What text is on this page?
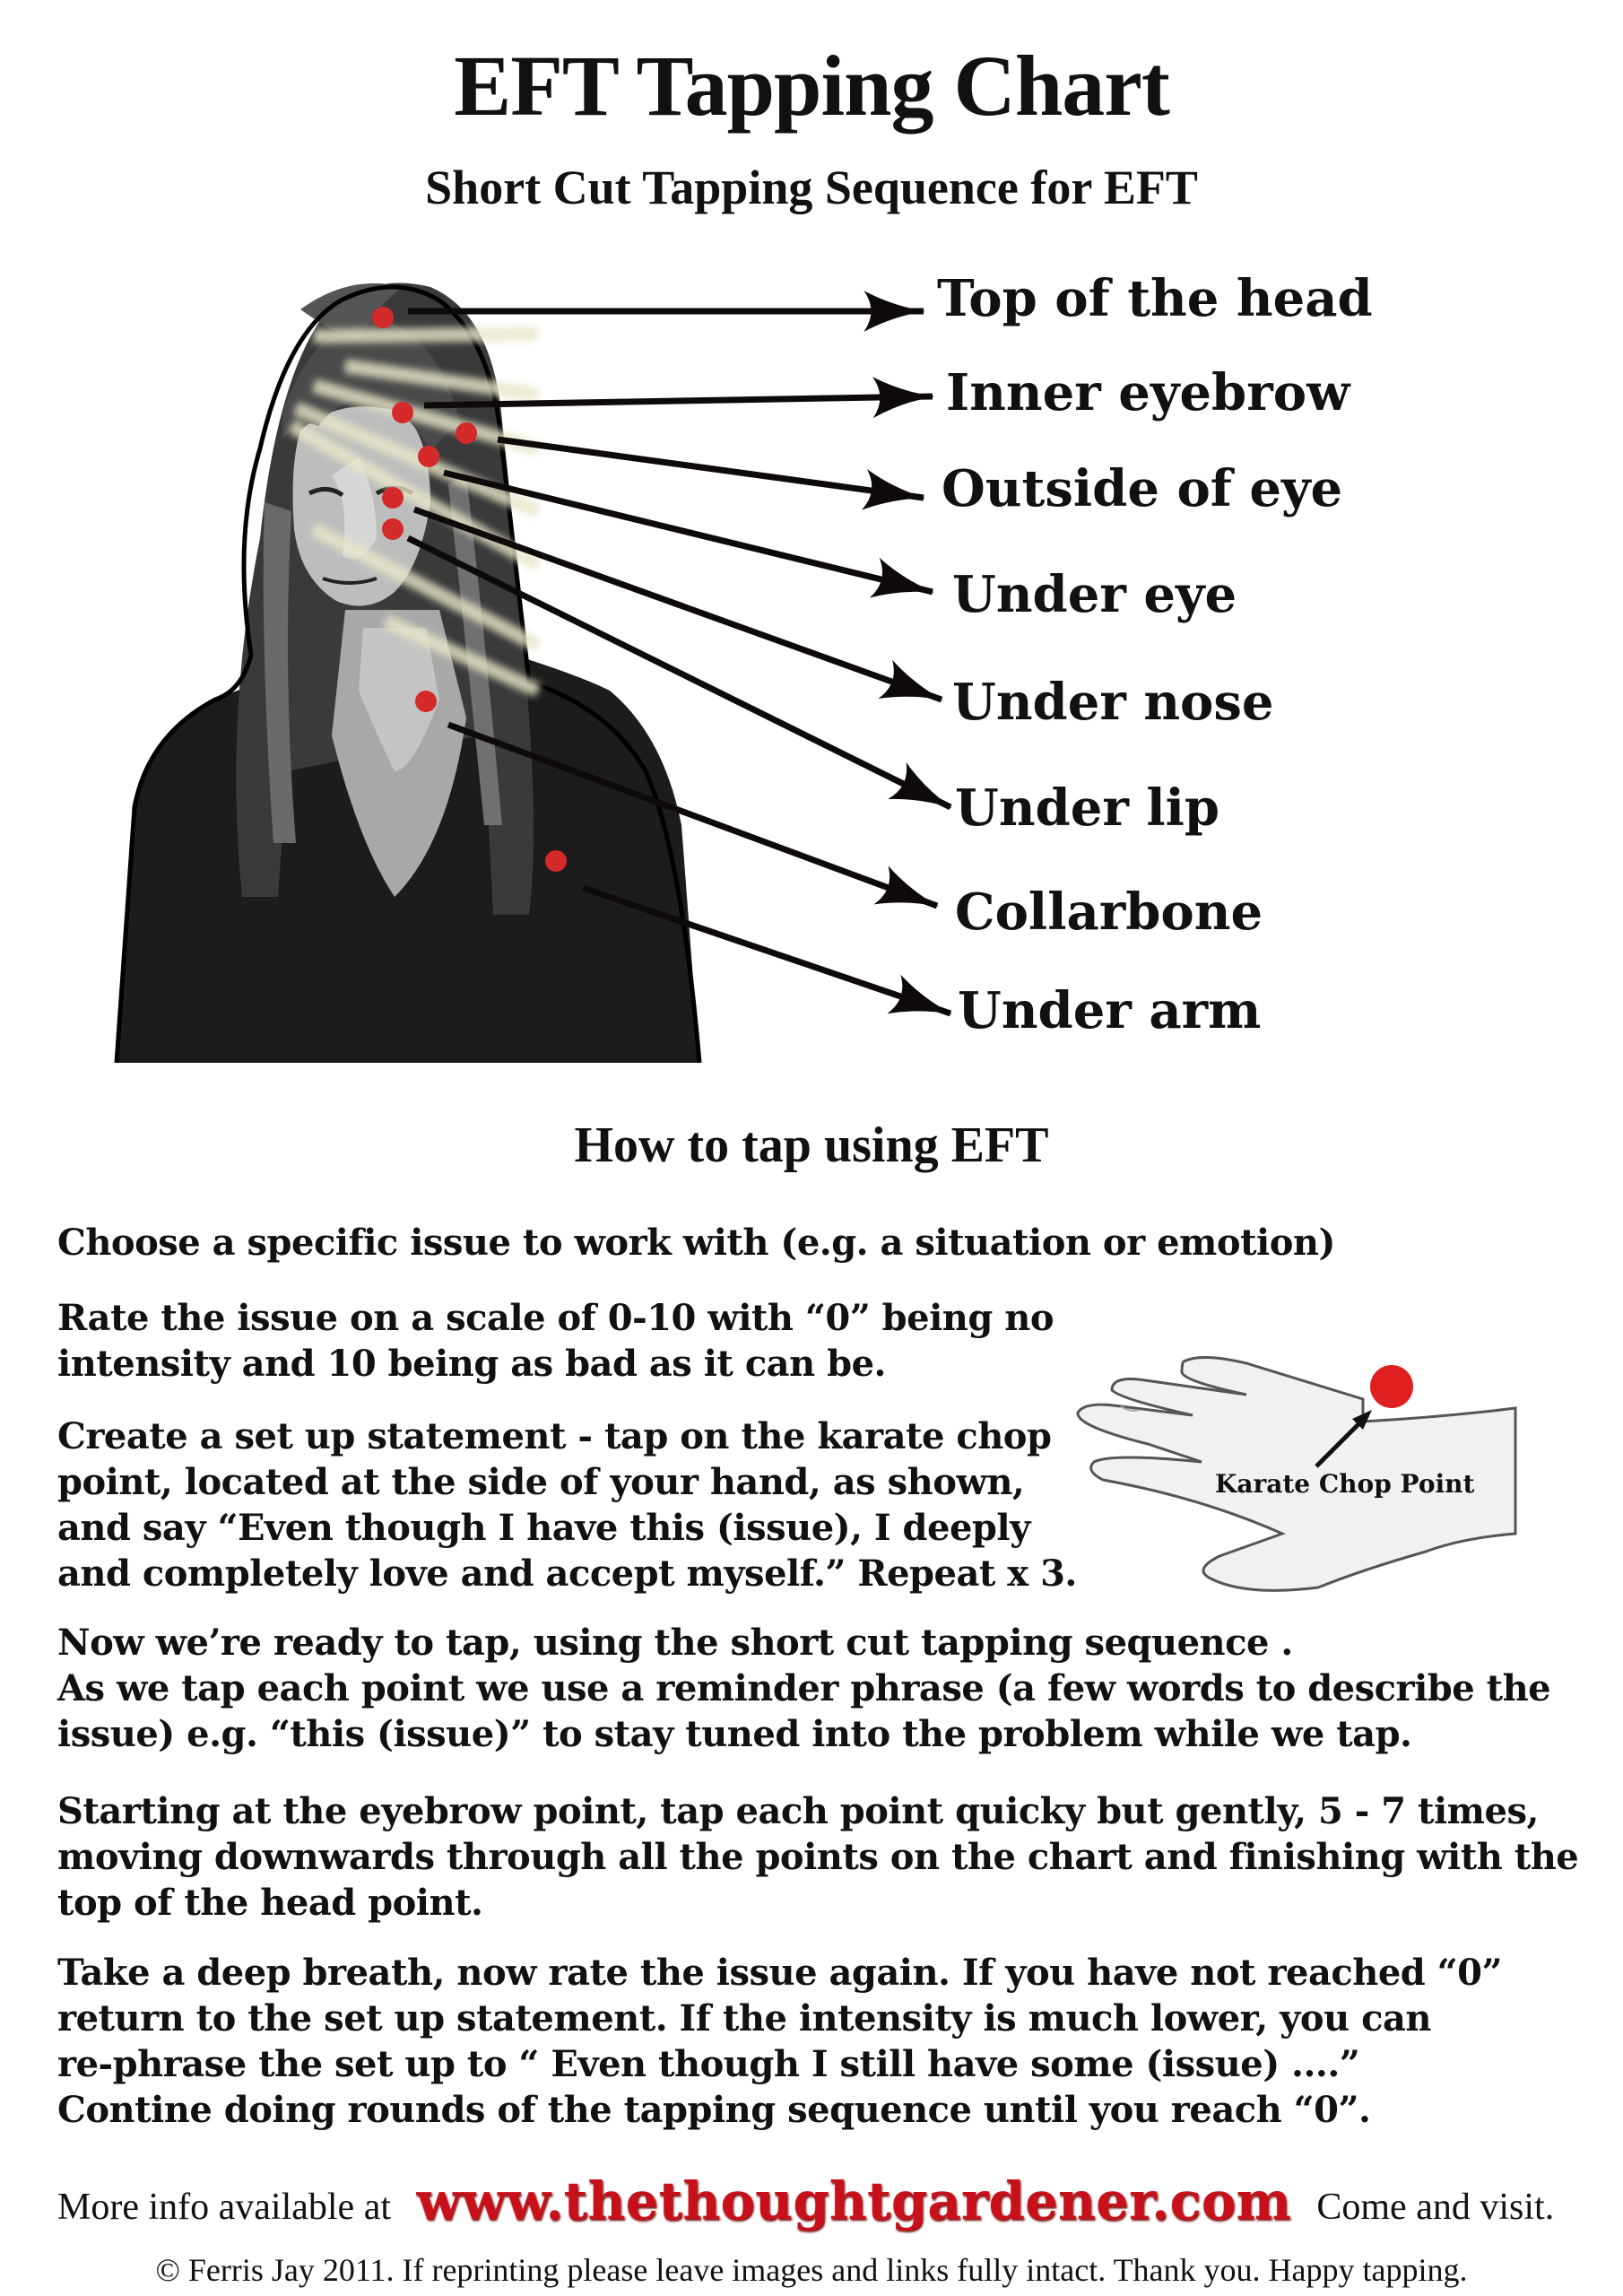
EFT Tapping Chart
Short Cut Tapping Sequence for EFT
Top of the head
Inner eyebrow
Outside of eye
Under eye
Under nose
Under lip
Collarbone
Under arm
How to tap using EFT
Choose a specific issue to work with (e.g. a situation or emotion)
Rate the issue on a scale of 0-10 with “0” being no
intensity and 10 being as bad as it can be.
Create a set up statement - tap on the karate chop
point, located at the side of your hand, as shown,
and say “Even though I have this (issue), I deeply
and completely love and accept myself.” Repeat x 3.
Karate Chop Point
Now we’re ready to tap, using the short cut tapping sequence .
As we tap each point we use a reminder phrase (a few words to describe the
issue) e.g. “this (issue)” to stay tuned into the problem while we tap.
Starting at the eyebrow point, tap each point quicky but gently, 5 - 7 times,
moving downwards through all the points on the chart and finishing with the
top of the head point.
Take a deep breath, now rate the issue again. If you have not reached “0”
return to the set up statement. If the intensity is much lower, you can
re-phrase the set up to “ Even though I still have some (issue) ....”
Contine doing rounds of the tapping sequence until you reach “0”.
More info available at www.thethoughtgardener.com Come and visit.
© Ferris Jay 2011. If reprinting please leave images and links fully intact. Thank you. Happy tapping.
